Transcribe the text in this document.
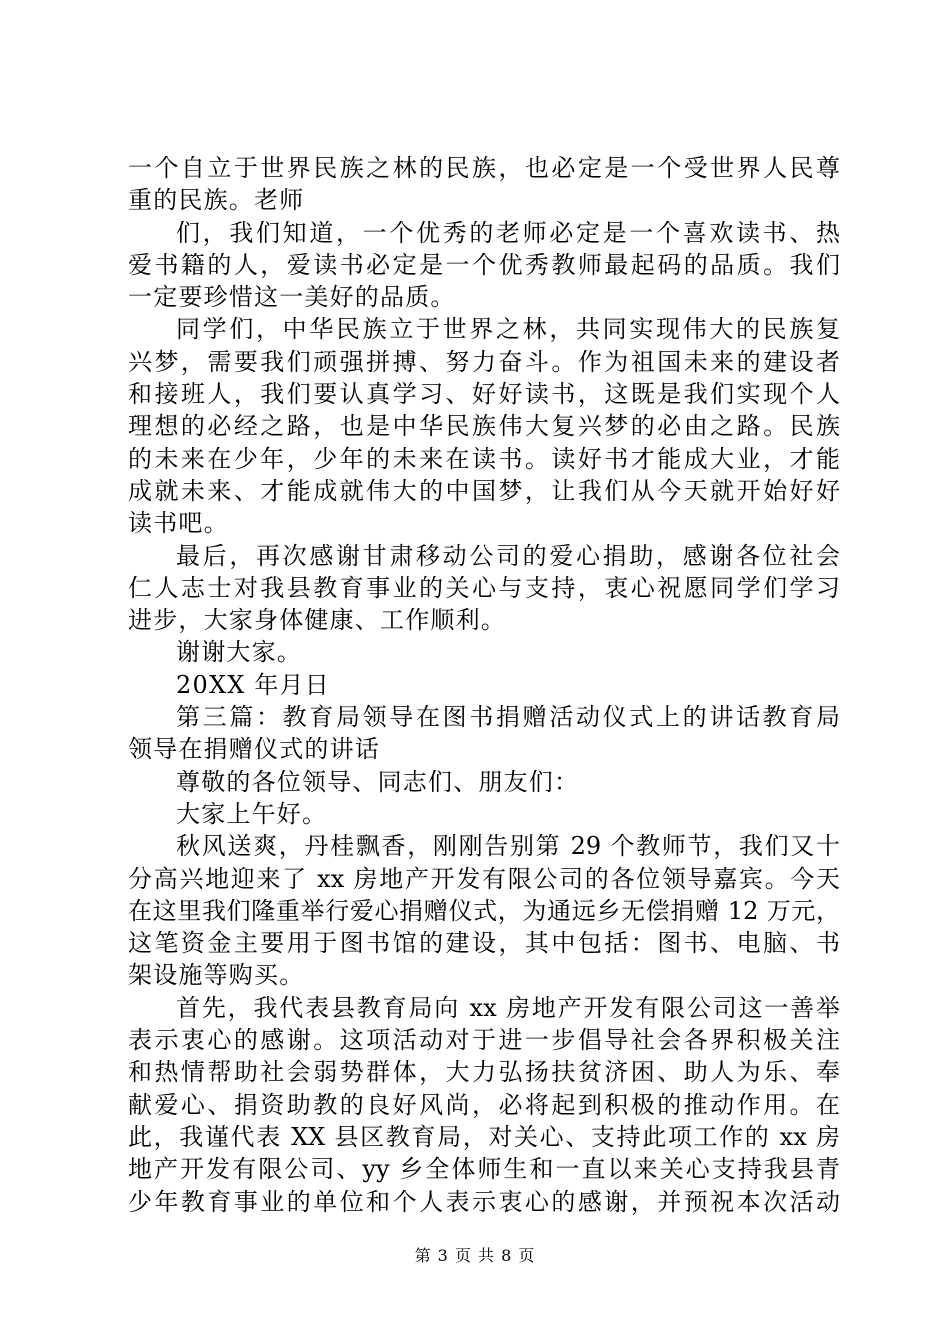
一个自立于世界民族之林的民族，也必定是一个受世界人民尊
重的民族。老师
们，我们知道，一个优秀的老师必定是一个喜欢读书、热
爱书籍的人，爱读书必定是一个优秀教师最起码的品质。我们
一定要珍惜这一美好的品质。
同学们，中华民族立于世界之林，共同实现伟大的民族复
兴梦，需要我们顽强拼搏、努力奋斗。作为祖国未来的建设者
和接班人，我们要认真学习、好好读书，这既是我们实现个人
理想的必经之路，也是中华民族伟大复兴梦的必由之路。民族
的未来在少年，少年的未来在读书。读好书才能成大业，才能
成就未来、才能成就伟大的中国梦，让我们从今天就开始好好
读书吧。
最后，再次感谢甘肃移动公司的爱心捐助，感谢各位社会
仁人志士对我县教育事业的关心与支持，衷心祝愿同学们学习
进步，大家身体健康、工作顺利。
谢谢大家。
20XX 年月日
第三篇：教育局领导在图书捐赠活动仪式上的讲话教育局
领导在捐赠仪式的讲话
尊敬的各位领导、同志们、朋友们：
大家上午好。
秋风送爽，丹桂飘香，刚刚告别第 29 个教师节，我们又十
分高兴地迎来了 xx 房地产开发有限公司的各位领导嘉宾。今天
在这里我们隆重举行爱心捐赠仪式，为通远乡无偿捐赠 12 万元，
这笔资金主要用于图书馆的建设，其中包括：图书、电脑、书
架设施等购买。
首先，我代表县教育局向 xx 房地产开发有限公司这一善举
表示衷心的感谢。这项活动对于进一步倡导社会各界积极关注
和热情帮助社会弱势群体，大力弘扬扶贫济困、助人为乐、奉
献爱心、捐资助教的良好风尚，必将起到积极的推动作用。在
此，我谨代表 XX 县区教育局，对关心、支持此项工作的 xx 房
地产开发有限公司、yy 乡全体师生和一直以来关心支持我县青
少年教育事业的单位和个人表示衷心的感谢，并预祝本次活动
第 3 页 共 8 页
